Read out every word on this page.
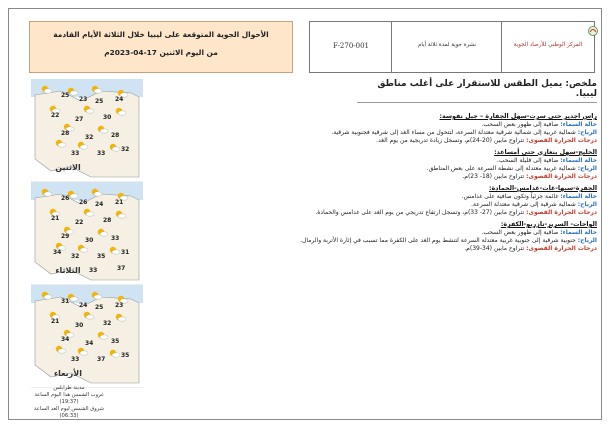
الأحوال الجوية المتوقعة على ليبيا خلال الثلاثة الأيام القادمة
من اليوم الاثنين 17-04-2023م
F-270-001	نشرة جوية لمدة ثلاثة أيام	المركز الوطني للأرصاد الجوية
25
23 25 24
22
27	30
28
32	28
33	33
32
الاثنين
26
26 24 21
21
22	28
29
30	33
32	35
31
34
33	37
الثلاثاء
31
24 25 23
21
30	32
34
34	35
33	37
35
الأربعاء
مدينة طرابلس
غروب الشمس هذا اليوم الساعة (19:37)
شروق الشمس ليوم الغد الساعة (06:33)
ملخص: يميل الطقس للاستقرار على أغلب مناطق ليبيا.
راس اجدير حتى سرت-سهل الجفارة – جبل نفوسة:
حالة السماء: صافية إلى ظهور بعض السحب.
الرياح: شمالية غربية إلى شمالية شرقية معتدلة السرعة، لتتحول من مساء الغد إلى شرقية فجنوبية شرقية.
درجات الحرارة القصوى: تتراوح مابين (20-24)م، وتسجل زيادة تدريجية من يوم الغد.
الخليج-سهل بنغازي حتى أمساعد:
حالة السماء: صافية إلى قليلة السحب.
الرياح: شمالية غربية معتدلة إلى نشطة السرعة على بعض المناطق.
درجات الحرارة القصوى: تتراوح مابين (18- 23)م.
الجفرة-سبها-غات-غدامس-الحمادة:
حالة السماء: غائمة جزئياً وتكون صافية على غدامس.
الرياح: شمالية شرقية إلى شرقية معتدلة السرعة.
درجات الحرارة القصوى: تتراوح مابين (27- 33)م، وتسجل ارتفاع تدريجي من يوم الغد على غدامس والحمادة.
الواحات- السرير-تازربو-الكفرة:
حالة السماء: صافية إلى ظهور بعض السحب.
الرياح: جنوبية شرقية إلى جنوبية غربية معتدلة السرعة لتنشط يوم الغد على الكفرة مما تسبب في إثارة الأتربة والرمال.
درجات الحرارة القصوى: تتراوح مابين (34-39)م.
